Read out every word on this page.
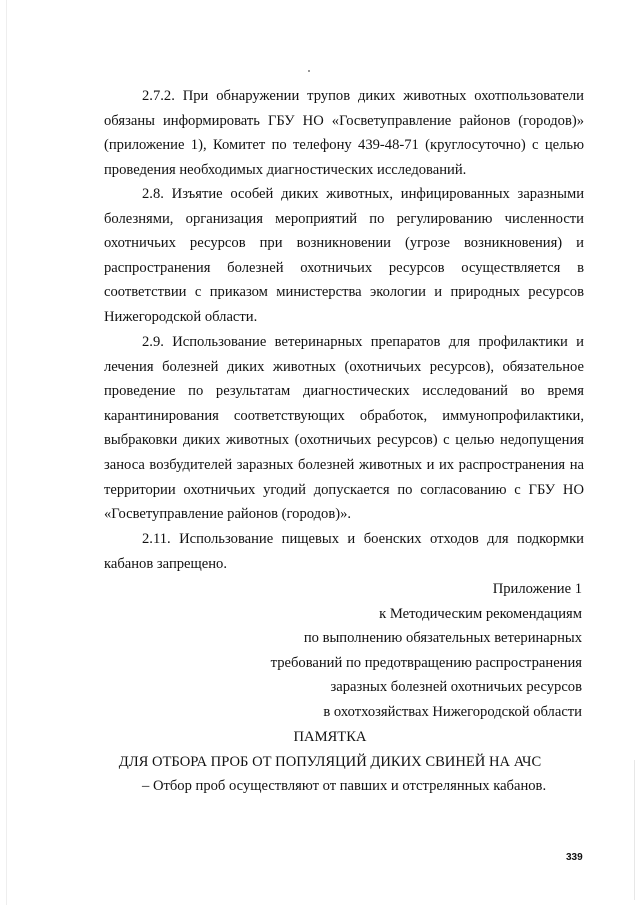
2.7.2. При обнаружении трупов диких животных охотпользователи обязаны информировать ГБУ НО «Госветуправление районов (городов)» (приложение 1), Комитет по телефону 439-48-71 (круглосуточно) с целью проведения необходимых диагностических исследований.

2.8. Изъятие особей диких животных, инфицированных заразными болезнями, организация мероприятий по регулированию численности охотничьих ресурсов при возникновении (угрозе возникновения) и распространения болезней охотничьих ресурсов осуществляется в соответствии с приказом министерства экологии и природных ресурсов Нижегородской области.

2.9. Использование ветеринарных препаратов для профилактики и лечения болезней диких животных (охотничьих ресурсов), обязательное проведение по результатам диагностических исследований во время карантинирования соответствующих обработок, иммунопрофилактики, выбраковки диких животных (охотничьих ресурсов) с целью недопущения заноса возбудителей заразных болезней животных и их распространения на территории охотничьих угодий допускается по согласованию с ГБУ НО «Госветуправление районов (городов)».

2.11. Использование пищевых и боенских отходов для подкормки кабанов запрещено.

Приложение 1
к Методическим рекомендациям
по выполнению обязательных ветеринарных
требований по предотвращению распространения
заразных болезней охотничьих ресурсов
в охотхозяйствах Нижегородской области

ПАМЯТКА

ДЛЯ ОТБОРА ПРОБ ОТ ПОПУЛЯЦИЙ ДИКИХ СВИНЕЙ НА АЧС

– Отбор проб осуществляют от павших и отстрелянных кабанов.

339
